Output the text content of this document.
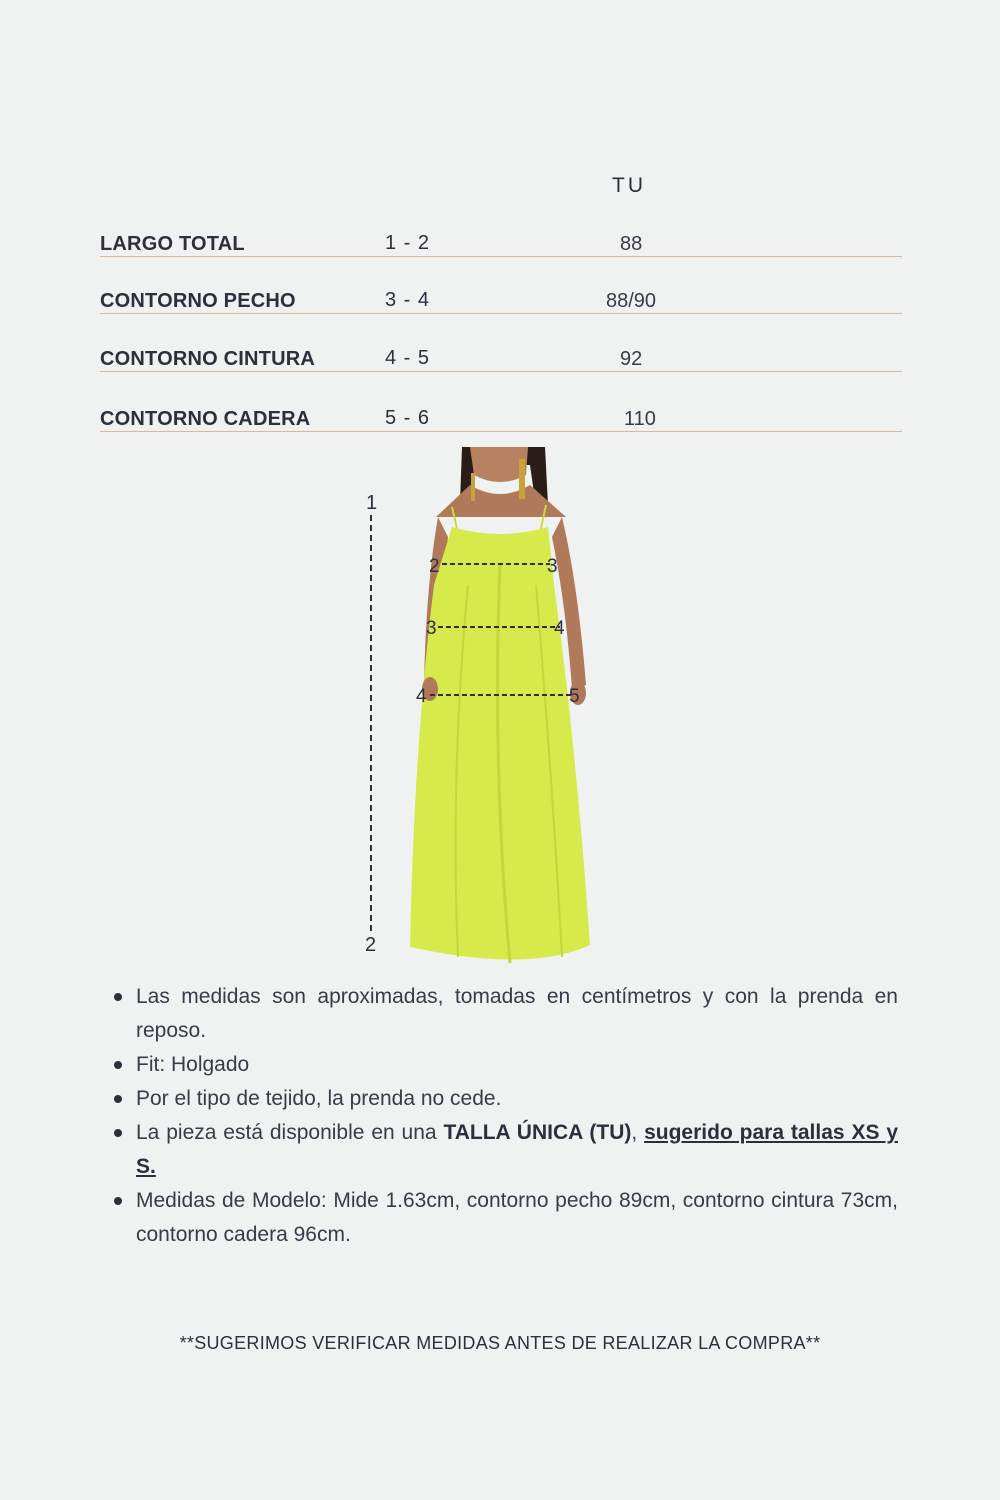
TU
LARGO TOTAL	1 - 2	88
CONTORNO PECHO	3 - 4	88/90
CONTORNO CINTURA	4 - 5	92
CONTORNO CADERA	5 - 6	110
1
2
2	3
3	4
4	5
Las medidas son aproximadas, tomadas en centímetros y con la prenda en reposo.
Fit: Holgado
Por el tipo de tejido, la prenda no cede.
La pieza está disponible en una TALLA ÚNICA (TU), sugerido para tallas XS y S.
Medidas de Modelo: Mide 1.63cm, contorno pecho 89cm, contorno cintura 73cm, contorno cadera 96cm.
**SUGERIMOS VERIFICAR MEDIDAS ANTES DE REALIZAR LA COMPRA**
